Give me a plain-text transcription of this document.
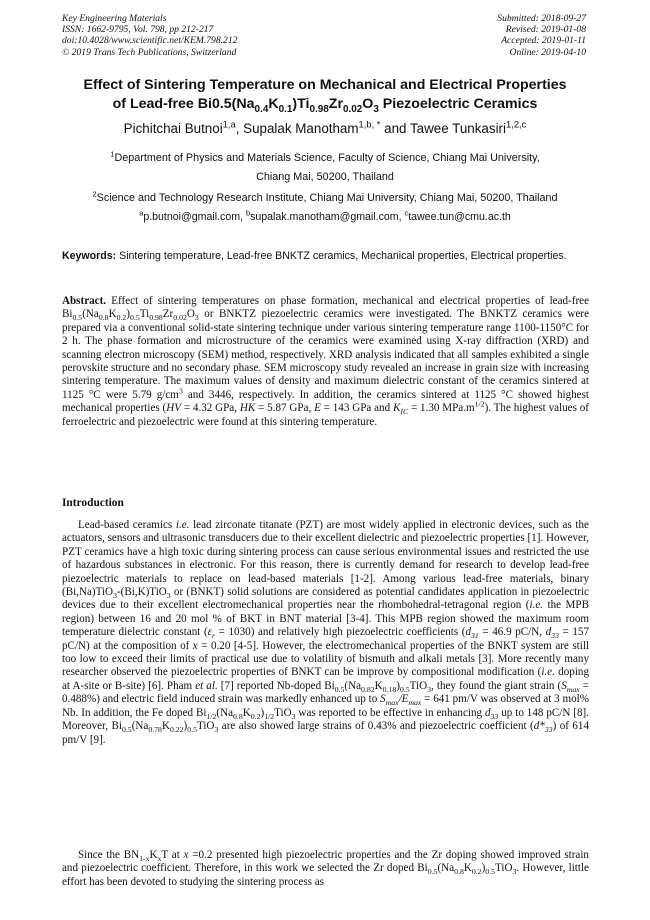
Key Engineering Materials
ISSN: 1662-9795, Vol. 798, pp 212-217
doi:10.4028/www.scientific.net/KEM.798.212
© 2019 Trans Tech Publications, Switzerland
Submitted: 2018-09-27
Revised: 2019-01-08
Accepted: 2019-01-11
Online: 2019-04-10
Effect of Sintering Temperature on Mechanical and Electrical Properties
of Lead-free $Bi0.5(Na_{0.4}K_{0.1})Ti_{0.98}Zr_{0.02}O_3$ Piezoelectric Ceramics
Pichitchai Butnoi$^{1,a}$, Supalak Manotham$^{1,b, *}$ and Tawee Tunkasiri$^{1,2,c}$
$^1$Department of Physics and Materials Science, Faculty of Science, Chiang Mai University,
Chiang Mai, 50200, Thailand
$^2$Science and Technology Research Institute, Chiang Mai University, Chiang Mai, 50200, Thailand
$^a$p.butnoi@gmail.com, $^b$supalak.manotham@gmail.com, $^c$tawee.tun@cmu.ac.th
Keywords: Sintering temperature, Lead-free BNKTZ ceramics, Mechanical properties, Electrical properties.
Abstract. Effect of sintering temperatures on phase formation, mechanical and electrical properties of lead-free $Bi_{0.5}(Na_{0.8}K_{0.2})_{0.5}Ti_{0.98}Zr_{0.02}O_3$ or BNKTZ piezoelectric ceramics were investigated. The BNKTZ ceramics were prepared via a conventional solid-state sintering technique under various sintering temperature range 1100-1150°C for 2 h. The phase formation and microstructure of the ceramics were examined using X-ray diffraction (XRD) and scanning electron microscopy (SEM) method, respectively. XRD analysis indicated that all samples exhibited a single perovskite structure and no secondary phase. SEM microscopy study revealed an increase in grain size with increasing sintering temperature. The maximum values of density and maximum dielectric constant of the ceramics sintered at 1125 °C were 5.79 $g/cm^3$ and 3446, respectively. In addition, the ceramics sintered at 1125 °C showed highest mechanical properties (HV = 4.32 GPa, HK = 5.87 GPa, E = 143 GPa and $K_{IC} = 1.30$ $MPa.m^{1/2}$). The highest values of ferroelectric and piezoelectric were found at this sintering temperature.
Introduction

Lead-based ceramics i.e. lead zirconate titanate (PZT) are most widely applied in electronic devices, such as the actuators, sensors and ultrasonic transducers due to their excellent dielectric and piezoelectric properties [1]. However, PZT ceramics have a high toxic during sintering process can cause serious environmental issues and restricted the use of hazardous substances in electronic. For this reason, there is currently demand for research to develop lead-free piezoelectric materials to replace on lead-based materials [1-2]. Among various lead-free materials, binary (Bi,Na)TiO$_3$-(Bi,K)TiO$_3$ or (BNKT) solid solutions are considered as potential candidates application in piezoelectric devices due to their excellent electromechanical properties near the rhombohedral-tetragonal region (i.e. the MPB region) between 16 and 20 mol % of BKT in BNT material [3-4]. This MPB region showed the maximum room temperature dielectric constant $(\varepsilon_r = 1030)$ and relatively high piezoelectric coefficients ($d_{31} = 46.9$ pC/N, $d_{33} = 157$ pC/N) at the composition of x = 0.20 [4-5]. However, the electromechanical properties of the BNKT system are still too low to exceed their limits of practical use due to volatility of bismuth and alkali metals [3]. More recently many researcher observed the piezoelectric properties of BNKT can be improve by compositional modification (i.e. doping at A-site or B-site) [6]. Pham et al. [7] reported Nb-doped $Bi_{0.5}(Na_{0.82}K_{0.18})_{0.5}TiO_3$, they found the giant strain $(S_{max} = 0.488\%)$ and electric field induced strain was markedly enhanced up to $S_{max}/E_{max} = 641$ pm/V was observed at 3 mol% Nb. In addition, the Fe doped $Bi_{1/2}(Na_{0.8}K_{0.2})_{1/2}TiO_3$ was reported to be effective in enhancing $d_{33}$ up to 148 pC/N [8]. Moreover, $Bi_{0.5}(Na_{0.78}K_{0.22})_{0.5}TiO_3$ are also showed large strains of 0.43% and piezoelectric coefficient $(d*_{33})$ of 614 pm/V [9].

Since the $BN_{1-x}K_xT$ at x =0.2 presented high piezoelectric properties and the Zr doping showed improved strain and piezoelectric coefficient. Therefore, in this work we selected the Zr doped $Bi_{0.5}(Na_{0.8}K_{0.2})_{0.5}TiO_3$. However, little effort has been devoted to studying the sintering process as
